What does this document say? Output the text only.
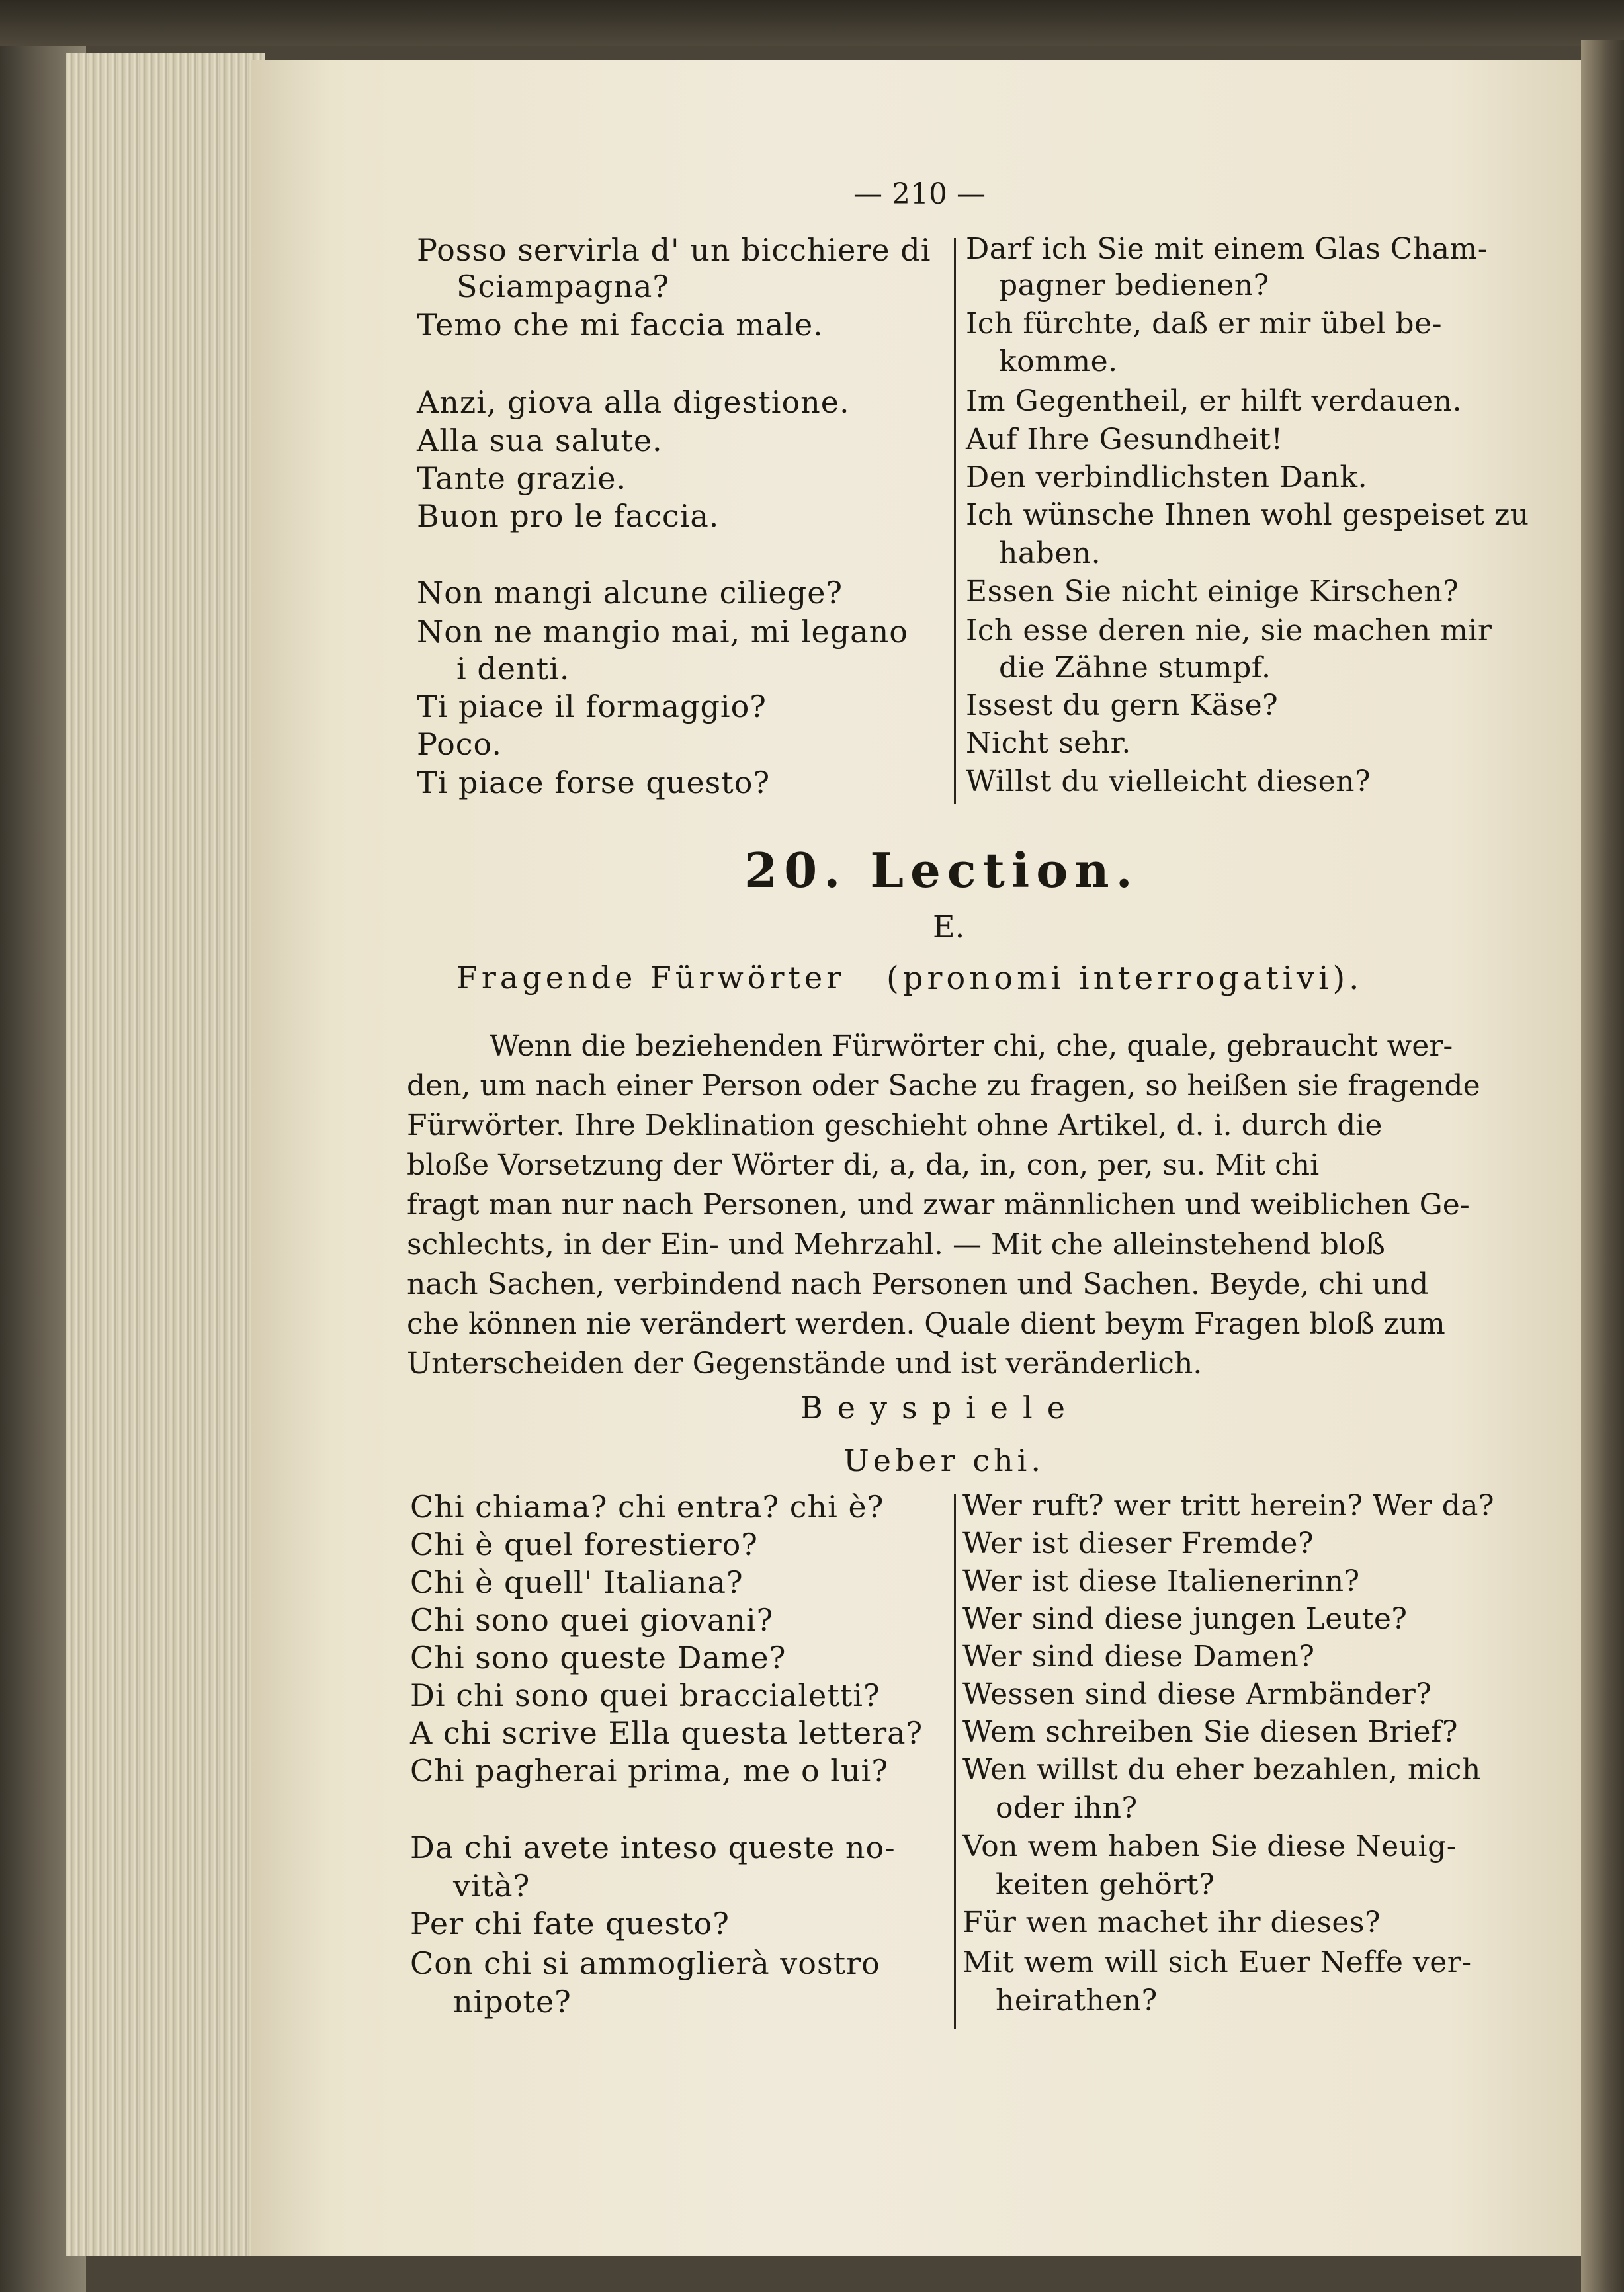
— 210 —
Posso servirla d' un bicchiere di
Sciampagna?
Temo che mi faccia male.
Anzi, giova alla digestione.
Alla sua salute.
Tante grazie.
Buon pro le faccia.
Non mangi alcune ciliege?
Non ne mangio mai, mi legano
i denti.
Ti piace il formaggio?
Poco.
Ti piace forse questo?
Darf ich Sie mit einem Glas Cham-
pagner bedienen?
Ich fürchte, daß er mir übel be-
komme.
Im Gegentheil, er hilft verdauen.
Auf Ihre Gesundheit!
Den verbindlichsten Dank.
Ich wünsche Ihnen wohl gespeiset zu
haben.
Essen Sie nicht einige Kirschen?
Ich esse deren nie, sie machen mir
die Zähne stumpf.
Issest du gern Käse?
Nicht sehr.
Willst du vielleicht diesen?
20. Lection.
E.
Fragende Fürwörter (pronomi interrogativi).
Wenn die beziehenden Fürwörter chi, che, quale, gebraucht wer-
den, um nach einer Person oder Sache zu fragen, so heißen sie fragende
Fürwörter. Ihre Deklination geschieht ohne Artikel, d. i. durch die
bloße Vorsetzung der Wörter di, a, da, in, con, per, su. Mit chi
fragt man nur nach Personen, und zwar männlichen und weiblichen Ge-
schlechts, in der Ein- und Mehrzahl. — Mit che alleinstehend bloß
nach Sachen, verbindend nach Personen und Sachen. Beyde, chi und
che können nie verändert werden. Quale dient beym Fragen bloß zum
Unterscheiden der Gegenstände und ist veränderlich.
Beyspiele
Ueber chi.
Chi chiama? chi entra? chi è?
Chi è quel forestiero?
Chi è quell' Italiana?
Chi sono quei giovani?
Chi sono queste Dame?
Di chi sono quei braccialetti?
A chi scrive Ella questa lettera?
Chi pagherai prima, me o lui?
Da chi avete inteso queste no-
vità?
Per chi fate questo?
Con chi si ammoglierà vostro
nipote?
Wer ruft? wer tritt herein? Wer da?
Wer ist dieser Fremde?
Wer ist diese Italienerinn?
Wer sind diese jungen Leute?
Wer sind diese Damen?
Wessen sind diese Armbänder?
Wem schreiben Sie diesen Brief?
Wen willst du eher bezahlen, mich
oder ihn?
Von wem haben Sie diese Neuig-
keiten gehört?
Für wen machet ihr dieses?
Mit wem will sich Euer Neffe ver-
heirathen?
